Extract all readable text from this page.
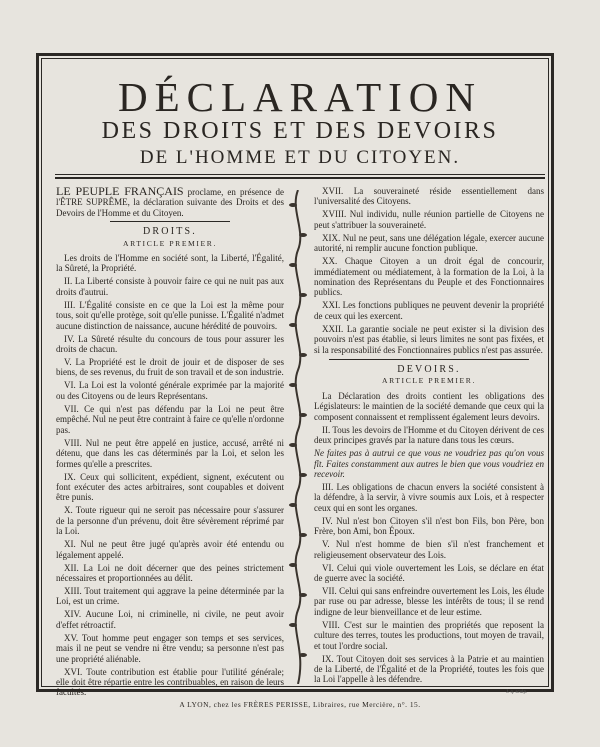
DÉCLARATION
DES DROITS ET DES DEVOIRS
DE L'HOMME ET DU CITOYEN.

LE PEUPLE FRANÇAIS proclame, en présence de l'ÊTRE SUPRÊME, la déclaration suivante des Droits et des Devoirs de l'Homme et du Citoyen.

DROITS.

ARTICLE PREMIER.

Les droits de l'Homme en société sont, la Liberté, l'Égalité, la Sûreté, la Propriété.

II. La Liberté consiste à pouvoir faire ce qui ne nuit pas aux droits d'autrui.

III. L'Égalité consiste en ce que la Loi est la même pour tous, soit qu'elle protège, soit qu'elle punisse. L'Égalité n'admet aucune distinction de naissance, aucune hérédité de pouvoirs.

IV. La Sûreté résulte du concours de tous pour assurer les droits de chacun.

V. La Propriété est le droit de jouir et de disposer de ses biens, de ses revenus, du fruit de son travail et de son industrie.

VI. La Loi est la volonté générale exprimée par la majorité ou des Citoyens ou de leurs Représentans.

VII. Ce qui n'est pas défendu par la Loi ne peut être empêché. Nul ne peut être contraint à faire ce qu'elle n'ordonne pas.

VIII. Nul ne peut être appelé en justice, accusé, arrêté ni détenu, que dans les cas déterminés par la Loi, et selon les formes qu'elle a prescrites.

IX. Ceux qui sollicitent, expédient, signent, exécutent ou font exécuter des actes arbitraires, sont coupables et doivent être punis.

X. Toute rigueur qui ne seroit pas nécessaire pour s'assurer de la personne d'un prévenu, doit être sévèrement réprimé par la Loi.

XI. Nul ne peut être jugé qu'après avoir été entendu ou légalement appelé.

XII. La Loi ne doit décerner que des peines strictement nécessaires et proportionnées au délit.

XIII. Tout traitement qui aggrave la peine déterminée par la Loi, est un crime.

XIV. Aucune Loi, ni criminelle, ni civile, ne peut avoir d'effet rétroactif.

XV. Tout homme peut engager son temps et ses services, mais il ne peut se vendre ni être vendu; sa personne n'est pas une propriété aliénable.

XVI. Toute contribution est établie pour l'utilité générale; elle doit être répartie entre les contribuables, en raison de leurs facultés.

XVII. La souveraineté réside essentiellement dans l'universalité des Citoyens.

XVIII. Nul individu, nulle réunion partielle de Citoyens ne peut s'attribuer la souveraineté.

XIX. Nul ne peut, sans une délégation légale, exercer aucune autorité, ni remplir aucune fonction publique.

XX. Chaque Citoyen a un droit égal de concourir, immédiatement ou médiatement, à la formation de la Loi, à la nomination des Représentans du Peuple et des Fonctionnaires publics.

XXI. Les fonctions publiques ne peuvent devenir la propriété de ceux qui les exercent.

XXII. La garantie sociale ne peut exister si la division des pouvoirs n'est pas établie, si leurs limites ne sont pas fixées, et si la responsabilité des Fonctionnaires publics n'est pas assurée.

DEVOIRS.

ARTICLE PREMIER.

La Déclaration des droits contient les obligations des Législateurs: le maintien de la société demande que ceux qui la composent connaissent et remplissent également leurs devoirs.

II. Tous les devoirs de l'Homme et du Citoyen dérivent de ces deux principes gravés par la nature dans tous les cœurs.

Ne faites pas à autrui ce que vous ne voudriez pas qu'on vous fît. Faites constamment aux autres le bien que vous voudriez en recevoir.

III. Les obligations de chacun envers la société consistent à la défendre, à la servir, à vivre soumis aux Lois, et à respecter ceux qui en sont les organes.

IV. Nul n'est bon Citoyen s'il n'est bon Fils, bon Père, bon Frère, bon Ami, bon Époux.

V. Nul n'est homme de bien s'il n'est franchement et religieusement observateur des Lois.

VI. Celui qui viole ouvertement les Lois, se déclare en état de guerre avec la société.

VII. Celui qui sans enfreindre ouvertement les Lois, les élude par ruse ou par adresse, blesse les intérêts de tous; il se rend indigne de leur bienveillance et de leur estime.

VIII. C'est sur le maintien des propriétés que reposent la culture des terres, toutes les productions, tout moyen de travail, et tout l'ordre social.

IX. Tout Citoyen doit ses services à la Patrie et au maintien de la Liberté, de l'Égalité et de la Propriété, toutes les fois que la Loi l'appelle à les défendre.

J. q. sculp.
A LYON, chez les FRÈRES PERISSE, Libraires, rue Mercière, n°. 15.
